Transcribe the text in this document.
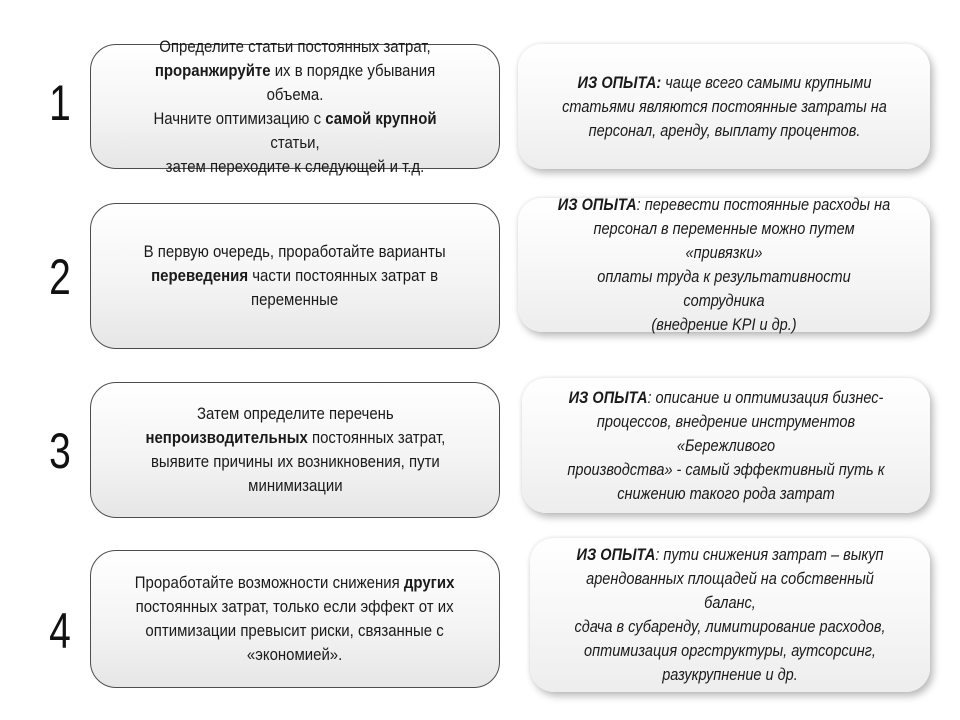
1
Определите статьи постоянных затрат,
проранжируйте их в порядке убывания объема.
Начните оптимизацию с самой крупной статьи,
затем переходите к следующей и т.д.
ИЗ ОПЫТА: чаще всего самыми крупными
статьями являются постоянные затраты на
персонал, аренду, выплату процентов.
2	В первую очередь, проработайте варианты
переведения части постоянных затрат в
переменные
ИЗ ОПЫТА: перевести постоянные расходы на
персонал в переменные можно путем «привязки»
оплаты труда к результативности сотрудника
(внедрение KPI и др.)
3
Затем определите перечень
непроизводительных постоянных затрат,
выявите причины их возникновения, пути
минимизации
ИЗ ОПЫТА: описание и оптимизация бизнес-
процессов, внедрение инструментов «Бережливого
производства» - самый эффективный путь к
снижению такого рода затрат
4
Проработайте возможности снижения других
постоянных затрат, только если эффект от их
оптимизации превысит риски, связанные с
«экономией».
ИЗ ОПЫТА: пути снижения затрат – выкуп
арендованных площадей на собственный баланс,
сдача в субаренду, лимитирование расходов,
оптимизация оргструктуры, аутсорсинг,
разукрупнение и др.
